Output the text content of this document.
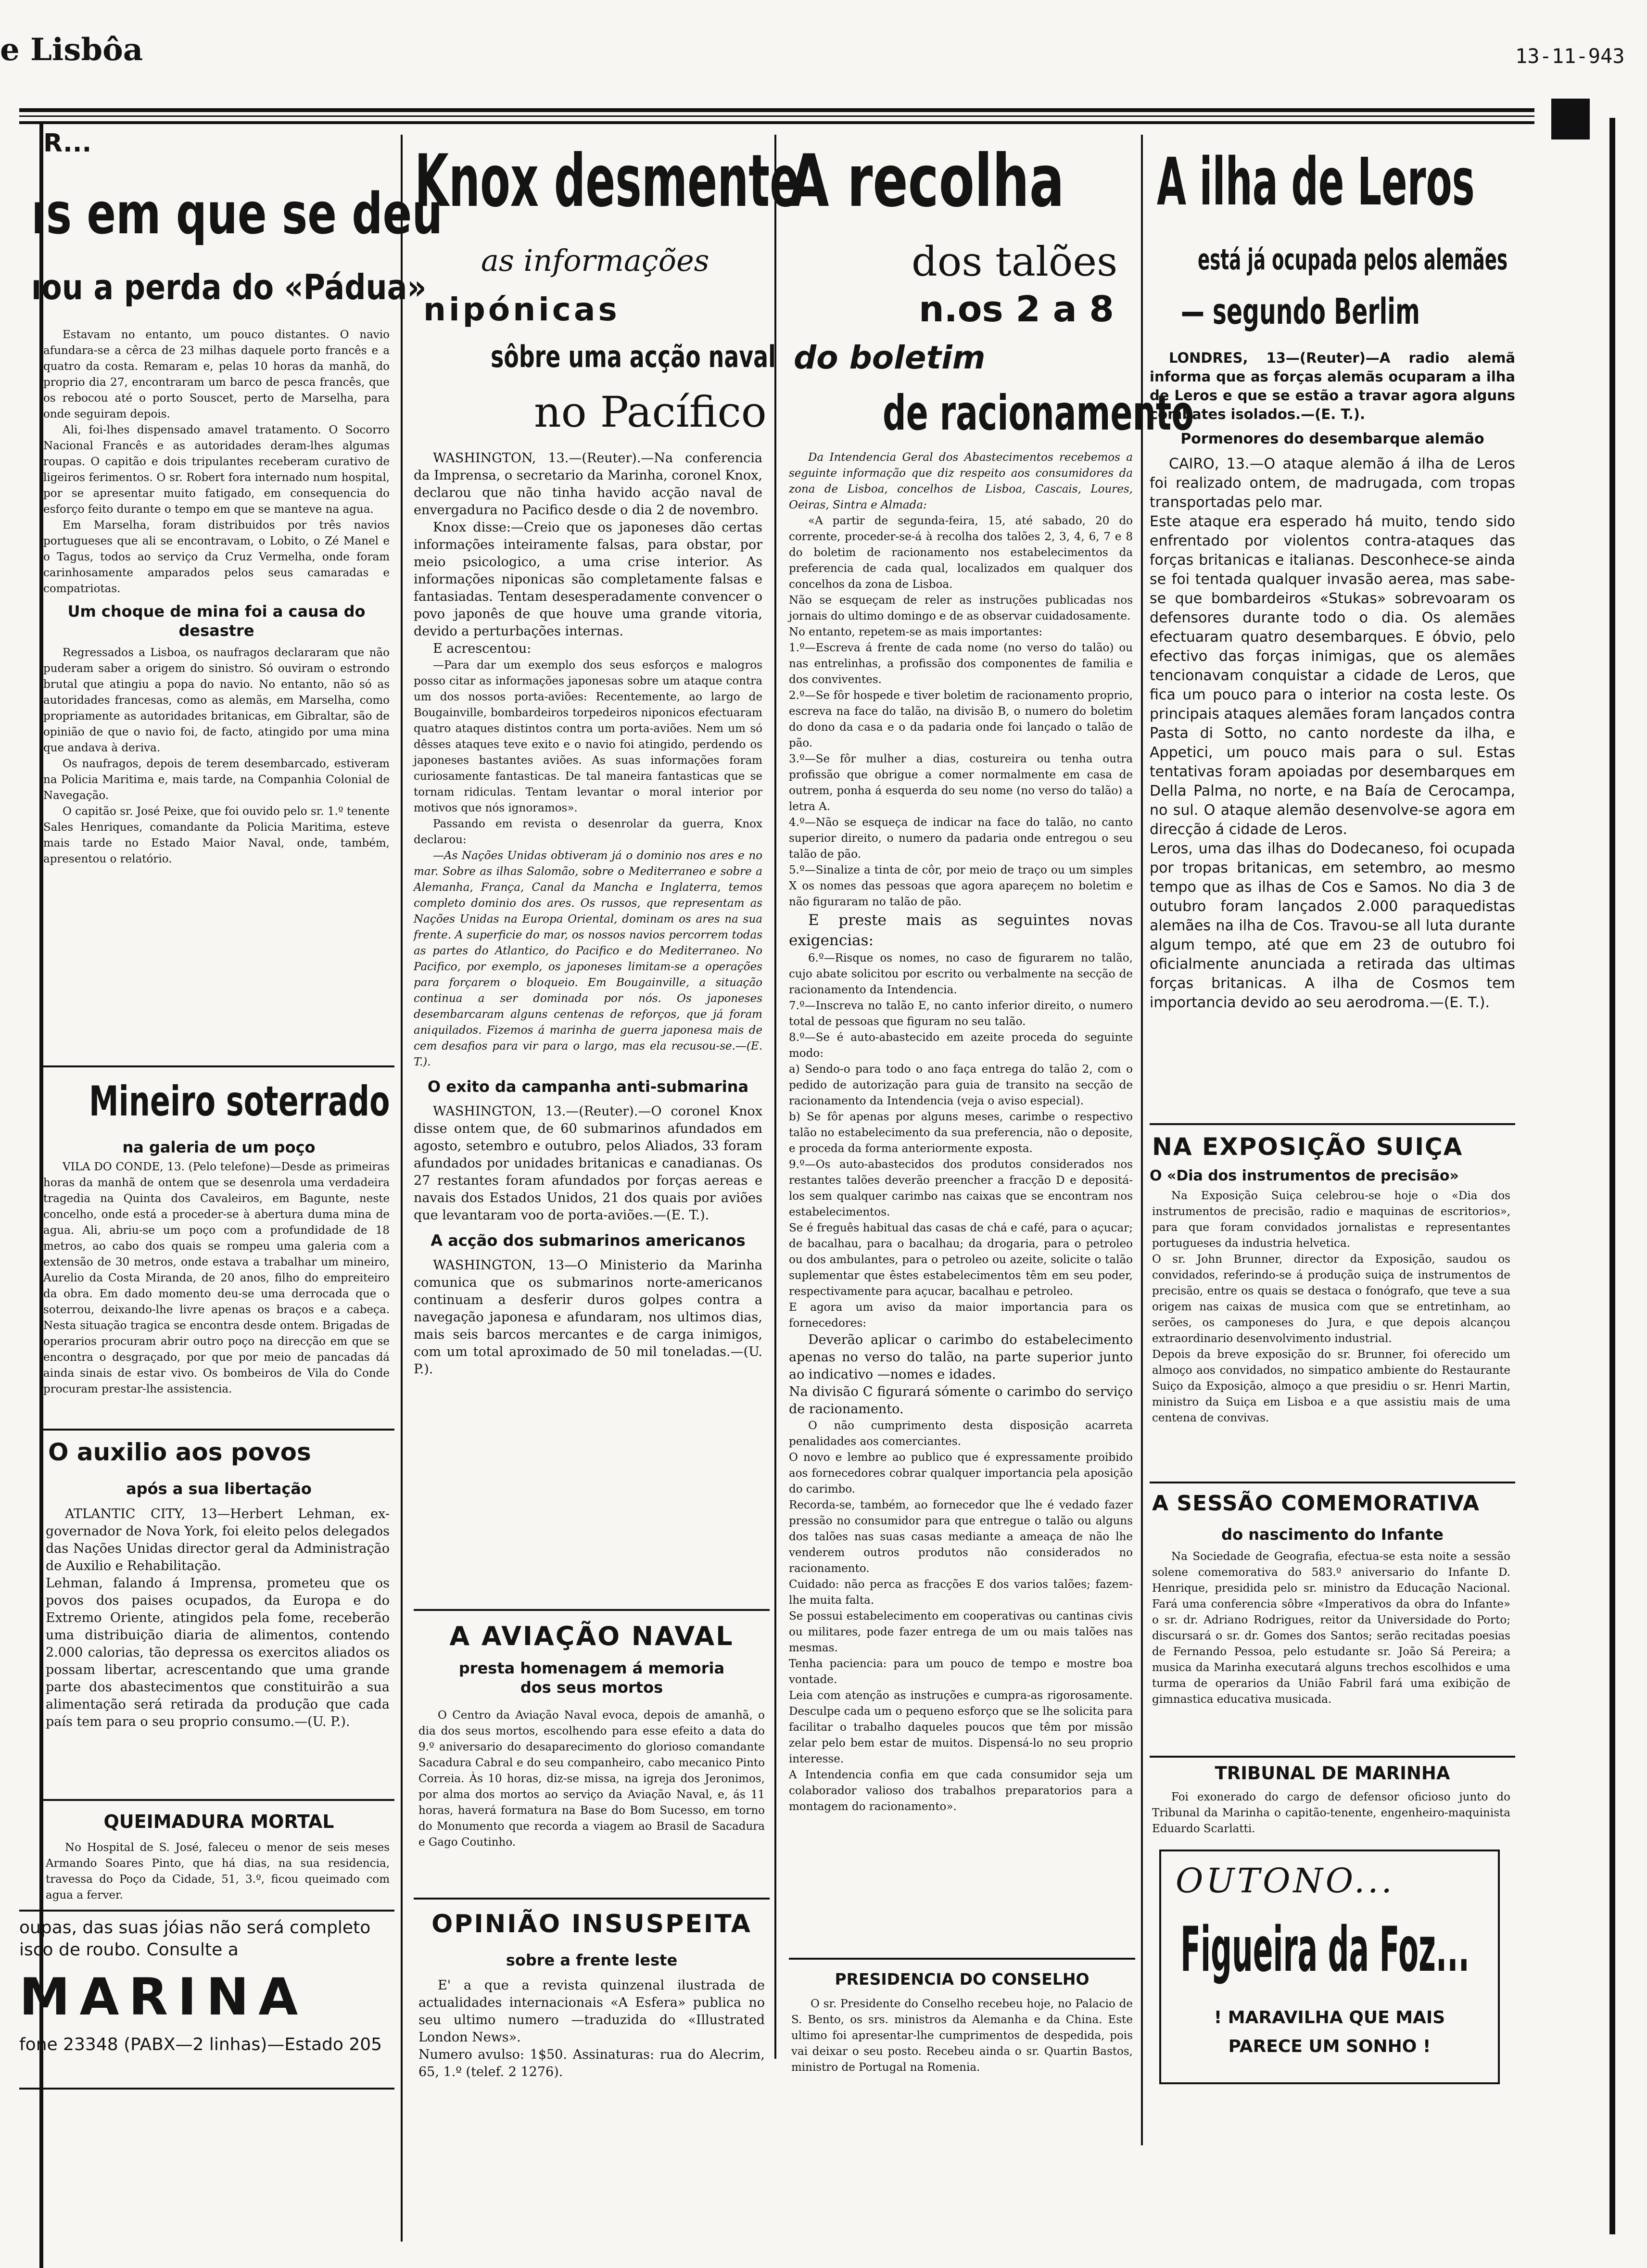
e Lisbôa	13-11-943
R...
ıs em que se deu
ıou a perda do «Pádua»

Estavam no entanto, um pouco distantes. O navio afundara-se a cêrca de 23 milhas daquele porto francês e a quatro da costa. Remaram e, pelas 10 horas da manhã, do proprio dia 27, encontraram um barco de pesca francês, que os rebocou até o porto Souscet, perto de Marselha, para onde seguiram depois.

Ali, foi-lhes dispensado amavel tratamento. O Socorro Nacional Francês e as autoridades deram-lhes algumas roupas. O capitão e dois tripulantes receberam curativo de ligeiros ferimentos. O sr. Robert fora internado num hospital, por se apresentar muito fatigado, em consequencia do esforço feito durante o tempo em que se manteve na agua.

Em Marselha, foram distribuidos por três navios portugueses que ali se encontravam, o Lobito, o Zé Manel e o Tagus, todos ao serviço da Cruz Vermelha, onde foram carinhosamente amparados pelos seus camaradas e compatriotas.

Um choque de mina foi a causa do desastre

Regressados a Lisboa, os naufragos declararam que não puderam saber a origem do sinistro. Só ouviram o estrondo brutal que atingiu a popa do navio. No entanto, não só as autoridades francesas, como as alemãs, em Marselha, como propriamente as autoridades britanicas, em Gibraltar, são de opinião de que o navio foi, de facto, atingido por uma mina que andava à deriva.

Os naufragos, depois de terem desembarcado, estiveram na Policia Maritima e, mais tarde, na Companhia Colonial de Navegação.

O capitão sr. José Peixe, que foi ouvido pelo sr. 1.º tenente Sales Henriques, comandante da Policia Maritima, esteve mais tarde no Estado Maior Naval, onde, também, apresentou o relatório.

Mineiro soterrado
na galeria de um poço

VILA DO CONDE, 13. (Pelo telefone)—Desde as primeiras horas da manhã de ontem que se desenrola uma verdadeira tragedia na Quinta dos Cavaleiros, em Bagunte, neste concelho, onde está a proceder-se à abertura duma mina de agua. Ali, abriu-se um poço com a profundidade de 18 metros, ao cabo dos quais se rompeu uma galeria com a extensão de 30 metros, onde estava a trabalhar um mineiro, Aurelio da Costa Miranda, de 20 anos, filho do empreiteiro da obra. Em dado momento deu-se uma derrocada que o soterrou, deixando-lhe livre apenas os braços e a cabeça. Nesta situação tragica se encontra desde ontem. Brigadas de operarios procuram abrir outro poço na direcção em que se encontra o desgraçado, por que por meio de pancadas dá ainda sinais de estar vivo. Os bombeiros de Vila do Conde procuram prestar-lhe assistencia.

O auxilio aos povos
após a sua libertação

ATLANTIC CITY, 13—Herbert Lehman, ex-governador de Nova York, foi eleito pelos delegados das Nações Unidas director geral da Administração de Auxilio e Rehabilitação.
Lehman, falando á Imprensa, prometeu que os povos dos paises ocupados, da Europa e do Extremo Oriente, atingidos pela fome, receberão uma distribuição diaria de alimentos, contendo 2.000 calorias, tão depressa os exercitos aliados os possam libertar, acrescentando que uma grande parte dos abastecimentos que constituirão a sua alimentação será retirada da produção que cada país tem para o seu proprio consumo.—(U. P.).

QUEIMADURA MORTAL

No Hospital de S. José, faleceu o menor de seis meses Armando Soares Pinto, que há dias, na sua residencia, travessa do Poço da Cidade, 51, 3.º, ficou queimado com agua a ferver.

oupas, das suas jóias não será completo
isco de roubo. Consulte a
MARINA
fone 23348 (PABX—2 linhas)—Estado 205
Knox desmente
as informações
nipónicas
sôbre uma acção naval
no Pacífico

WASHINGTON, 13.—(Reuter).—Na conferencia da Imprensa, o secretario da Marinha, coronel Knox, declarou que não tinha havido acção naval de envergadura no Pacifico desde o dia 2 de novembro.

Knox disse:—Creio que os japoneses dão certas informações inteiramente falsas, para obstar, por meio psicologico, a uma crise interior. As informações niponicas são completamente falsas e fantasiadas. Tentam desesperadamente convencer o povo japonês de que houve uma grande vitoria, devido a perturbações internas.

E acrescentou:

—Para dar um exemplo dos seus esforços e malogros posso citar as informações japonesas sobre um ataque contra um dos nossos porta-aviões: Recentemente, ao largo de Bougainville, bombardeiros torpedeiros niponicos efectuaram quatro ataques distintos contra um porta-aviões. Nem um só dêsses ataques teve exito e o navio foi atingido, perdendo os japoneses bastantes aviões. As suas informações foram curiosamente fantasticas. De tal maneira fantasticas que se tornam ridiculas. Tentam levantar o moral interior por motivos que nós ignoramos».

Passando em revista o desenrolar da guerra, Knox declarou:

—As Nações Unidas obtiveram já o dominio nos ares e no mar. Sobre as ilhas Salomão, sobre o Mediterraneo e sobre a Alemanha, França, Canal da Mancha e Inglaterra, temos completo dominio dos ares. Os russos, que representam as Nações Unidas na Europa Oriental, dominam os ares na sua frente. A superficie do mar, os nossos navios percorrem todas as partes do Atlantico, do Pacifico e do Mediterraneo. No Pacifico, por exemplo, os japoneses limitam-se a operações para forçarem o bloqueio. Em Bougainville, a situação continua a ser dominada por nós. Os japoneses desembarcaram alguns centenas de reforços, que já foram aniquilados. Fizemos á marinha de guerra japonesa mais de cem desafios para vir para o largo, mas ela recusou-se.—(E. T.).

O exito da campanha anti-submarina

WASHINGTON, 13.—(Reuter).—O coronel Knox disse ontem que, de 60 submarinos afundados em agosto, setembro e outubro, pelos Aliados, 33 foram afundados por unidades britanicas e canadianas. Os 27 restantes foram afundados por forças aereas e navais dos Estados Unidos, 21 dos quais por aviões que levantaram voo de porta-aviões.—(E. T.).

A acção dos submarinos americanos

WASHINGTON, 13—O Ministerio da Marinha comunica que os submarinos norte-americanos continuam a desferir duros golpes contra a navegação japonesa e afundaram, nos ultimos dias, mais seis barcos mercantes e de carga inimigos, com um total aproximado de 50 mil toneladas.—(U. P.).

A AVIAÇÃO NAVAL
presta homenagem á memoria dos seus mortos

O Centro da Aviação Naval evoca, depois de amanhã, o dia dos seus mortos, escolhendo para esse efeito a data do 9.º aniversario do desaparecimento do glorioso comandante Sacadura Cabral e do seu companheiro, cabo mecanico Pinto Correia. Às 10 horas, diz-se missa, na igreja dos Jeronimos, por alma dos mortos ao serviço da Aviação Naval, e, ás 11 horas, haverá formatura na Base do Bom Sucesso, em torno do Monumento que recorda a viagem ao Brasil de Sacadura e Gago Coutinho.

OPINIÃO INSUSPEITA
sobre a frente leste

E' a que a revista quinzenal ilustrada de actualidades internacionais «A Esfera» publica no seu ultimo numero —traduzida do «Illustrated London News».
Numero avulso: 1$50. Assinaturas: rua do Alecrim, 65, 1.º (telef. 2 1276).

A recolha
dos talões
n.os 2 a 8
do boletim
de racionamento

Da Intendencia Geral dos Abastecimentos recebemos a seguinte informação que diz respeito aos consumidores da zona de Lisboa, concelhos de Lisboa, Cascais, Loures, Oeiras, Sintra e Almada:

«A partir de segunda-feira, 15, até sabado, 20 do corrente, proceder-se-á à recolha dos talões 2, 3, 4, 6, 7 e 8 do boletim de racionamento nos estabelecimentos da preferencia de cada qual, localizados em qualquer dos concelhos da zona de Lisboa.
Não se esqueçam de reler as instruções publicadas nos jornais do ultimo domingo e de as observar cuidadosamente.
No entanto, repetem-se as mais importantes:
1.º—Escreva á frente de cada nome (no verso do talão) ou nas entrelinhas, a profissão dos componentes de familia e dos conviventes.
2.º—Se fôr hospede e tiver boletim de racionamento proprio, escreva na face do talão, na divisão B, o numero do boletim do dono da casa e o da padaria onde foi lançado o talão de pão.
3.º—Se fôr mulher a dias, costureira ou tenha outra profissão que obrigue a comer normalmente em casa de outrem, ponha á esquerda do seu nome (no verso do talão) a letra A.
4.º—Não se esqueça de indicar na face do talão, no canto superior direito, o numero da padaria onde entregou o seu talão de pão.
5.º—Sinalize a tinta de côr, por meio de traço ou um simples X os nomes das pessoas que agora apareçem no boletim e não figuraram no talão de pão.

E preste mais as seguintes novas exigencias:

6.º—Risque os nomes, no caso de figurarem no talão, cujo abate solicitou por escrito ou verbalmente na secção de racionamento da Intendencia.
7.º—Inscreva no talão E, no canto inferior direito, o numero total de pessoas que figuram no seu talão.
8.º—Se é auto-abastecido em azeite proceda do seguinte modo:
a) Sendo-o para todo o ano faça entrega do talão 2, com o pedido de autorização para guia de transito na secção de racionamento da Intendencia (veja o aviso especial).
b) Se fôr apenas por alguns meses, carimbe o respectivo talão no estabelecimento da sua preferencia, não o deposite, e proceda da forma anteriormente exposta.
9.º—Os auto-abastecidos dos produtos considerados nos restantes talões deverão preencher a fracção D e depositá-los sem qualquer carimbo nas caixas que se encontram nos estabelecimentos.
Se é freguês habitual das casas de chá e café, para o açucar; de bacalhau, para o bacalhau; da drogaria, para o petroleo ou dos ambulantes, para o petroleo ou azeite, solicite o talão suplementar que êstes estabelecimentos têm em seu poder, respectivamente para açucar, bacalhau e petroleo.
E agora um aviso da maior importancia para os fornecedores:

Deverão aplicar o carimbo do estabelecimento apenas no verso do talão, na parte superior junto ao indicativo —nomes e idades.
Na divisão C figurará sómente o carimbo do serviço de racionamento.

O não cumprimento desta disposição acarreta penalidades aos comerciantes.
O novo e lembre ao publico que é expressamente proibido aos fornecedores cobrar qualquer importancia pela aposição do carimbo.
Recorda-se, também, ao fornecedor que lhe é vedado fazer pressão no consumidor para que entregue o talão ou alguns dos talões nas suas casas mediante a ameaça de não lhe venderem outros produtos não considerados no racionamento.
Cuidado: não perca as fracções E dos varios talões; fazem-lhe muita falta.
Se possui estabelecimento em cooperativas ou cantinas civis ou militares, pode fazer entrega de um ou mais talões nas mesmas.
Tenha paciencia: para um pouco de tempo e mostre boa vontade.
Leia com atenção as instruções e cumpra-as rigorosamente. Desculpe cada um o pequeno esforço que se lhe solicita para facilitar o trabalho daqueles poucos que têm por missão zelar pelo bem estar de muitos. Dispensá-lo no seu proprio interesse.
A Intendencia confia em que cada consumidor seja um colaborador valioso dos trabalhos preparatorios para a montagem do racionamento».

PRESIDENCIA DO CONSELHO

O sr. Presidente do Conselho recebeu hoje, no Palacio de S. Bento, os srs. ministros da Alemanha e da China. Este ultimo foi apresentar-lhe cumprimentos de despedida, pois vai deixar o seu posto. Recebeu ainda o sr. Quartin Bastos, ministro de Portugal na Romenia.

A ilha de Leros
está já ocupada pelos alemães
— segundo Berlim

LONDRES, 13—(Reuter)—A radio alemã informa que as forças alemãs ocuparam a ilha de Leros e que se estão a travar agora alguns combates isolados.—(E. T.).

Pormenores do desembarque alemão

CAIRO, 13.—O ataque alemão á ilha de Leros foi realizado ontem, de madrugada, com tropas transportadas pelo mar.
Este ataque era esperado há muito, tendo sido enfrentado por violentos contra-ataques das forças britanicas e italianas. Desconhece-se ainda se foi tentada qualquer invasão aerea, mas sabe-se que bombardeiros «Stukas» sobrevoaram os defensores durante todo o dia. Os alemães efectuaram quatro desembarques. E óbvio, pelo efectivo das forças inimigas, que os alemães tencionavam conquistar a cidade de Leros, que fica um pouco para o interior na costa leste. Os principais ataques alemães foram lançados contra Pasta di Sotto, no canto nordeste da ilha, e Appetici, um pouco mais para o sul. Estas tentativas foram apoiadas por desembarques em Della Palma, no norte, e na Baía de Cerocampa, no sul. O ataque alemão desenvolve-se agora em direcção á cidade de Leros.
Leros, uma das ilhas do Dodecaneso, foi ocupada por tropas britanicas, em setembro, ao mesmo tempo que as ilhas de Cos e Samos. No dia 3 de outubro foram lançados 2.000 paraquedistas alemães na ilha de Cos. Travou-se all luta durante algum tempo, até que em 23 de outubro foi oficialmente anunciada a retirada das ultimas forças britanicas. A ilha de Cosmos tem importancia devido ao seu aerodroma.—(E. T.).

NA EXPOSIÇÃO SUIÇA
O «Dia dos instrumentos de precisão»

Na Exposição Suiça celebrou-se hoje o «Dia dos instrumentos de precisão, radio e maquinas de escritorios», para que foram convidados jornalistas e representantes portugueses da industria helvetica.
O sr. John Brunner, director da Exposição, saudou os convidados, referindo-se á produção suiça de instrumentos de precisão, entre os quais se destaca o fonógrafo, que teve a sua origem nas caixas de musica com que se entretinham, ao serões, os camponeses do Jura, e que depois alcançou extraordinario desenvolvimento industrial.
Depois da breve exposição do sr. Brunner, foi oferecido um almoço aos convidados, no simpatico ambiente do Restaurante Suiço da Exposição, almoço a que presidiu o sr. Henri Martin, ministro da Suiça em Lisboa e a que assistiu mais de uma centena de convivas.

A SESSÃO COMEMORATIVA
do nascimento do Infante

Na Sociedade de Geografia, efectua-se esta noite a sessão solene comemorativa do 583.º aniversario do Infante D. Henrique, presidida pelo sr. ministro da Educação Nacional. Fará uma conferencia sôbre «Imperativos da obra do Infante» o sr. dr. Adriano Rodrigues, reitor da Universidade do Porto; discursará o sr. dr. Gomes dos Santos; serão recitadas poesias de Fernando Pessoa, pelo estudante sr. João Sá Pereira; a musica da Marinha executará alguns trechos escolhidos e uma turma de operarios da União Fabril fará uma exibição de gimnastica educativa musicada.

TRIBUNAL DE MARINHA

Foi exonerado do cargo de defensor oficioso junto do Tribunal da Marinha o capitão-tenente, engenheiro-maquinista Eduardo Scarlatti.

OUTONO...
Figueira da Foz...
! MARAVILHA QUE MAIS
PARECE UM SONHO !
